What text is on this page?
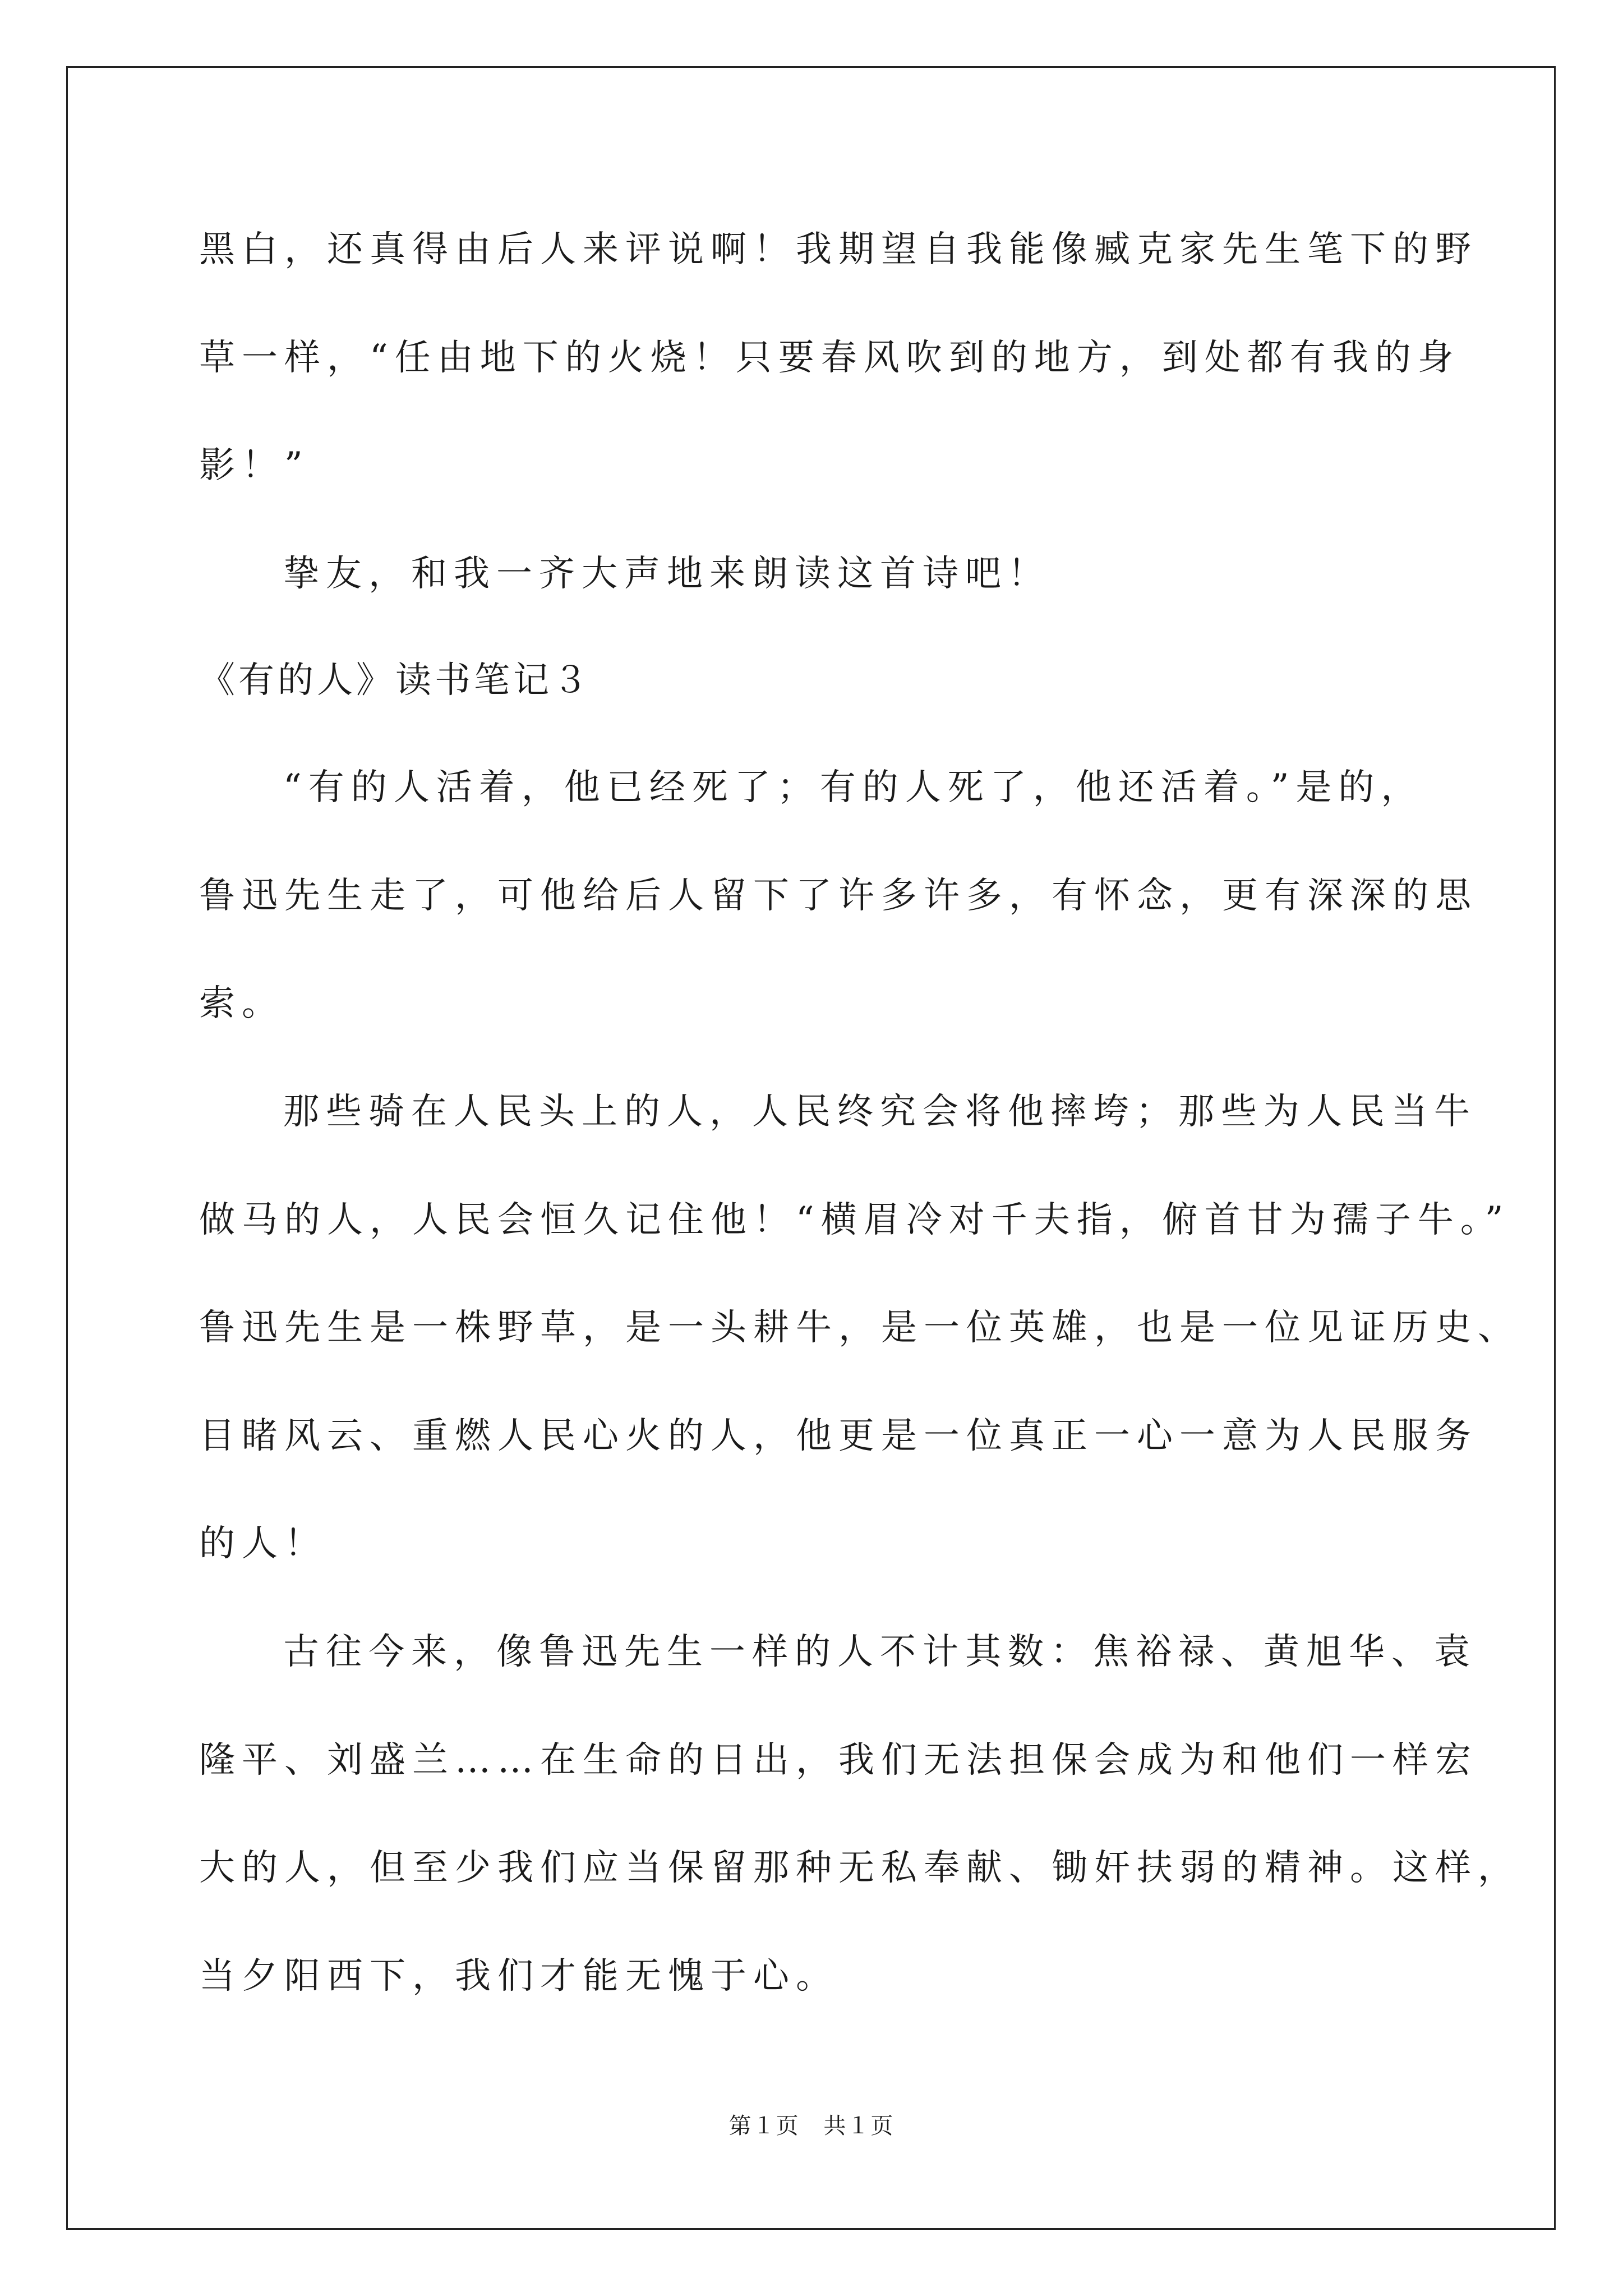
黑白，还真得由后人来评说啊！我期望自我能像臧克家先生笔下的野
草一样，“任由地下的火烧！只要春风吹到的地方，到处都有我的身
影！”
挚友，和我一齐大声地来朗读这首诗吧！
《有的人》读书笔记３
“有的人活着，他已经死了；有的人死了，他还活着。”是的，
鲁迅先生走了，可他给后人留下了许多许多，有怀念，更有深深的思
索。
那些骑在人民头上的人，人民终究会将他摔垮；那些为人民当牛
做马的人，人民会恒久记住他！“横眉冷对千夫指，俯首甘为孺子牛。”
鲁迅先生是一株野草，是一头耕牛，是一位英雄，也是一位见证历史、
目睹风云、重燃人民心火的人，他更是一位真正一心一意为人民服务
的人！
古往今来，像鲁迅先生一样的人不计其数：焦裕禄、黄旭华、袁
隆平、刘盛兰……在生命的日出，我们无法担保会成为和他们一样宏
大的人，但至少我们应当保留那种无私奉献、锄奸扶弱的精神。这样，
当夕阳西下，我们才能无愧于心。
第１页 共１页
